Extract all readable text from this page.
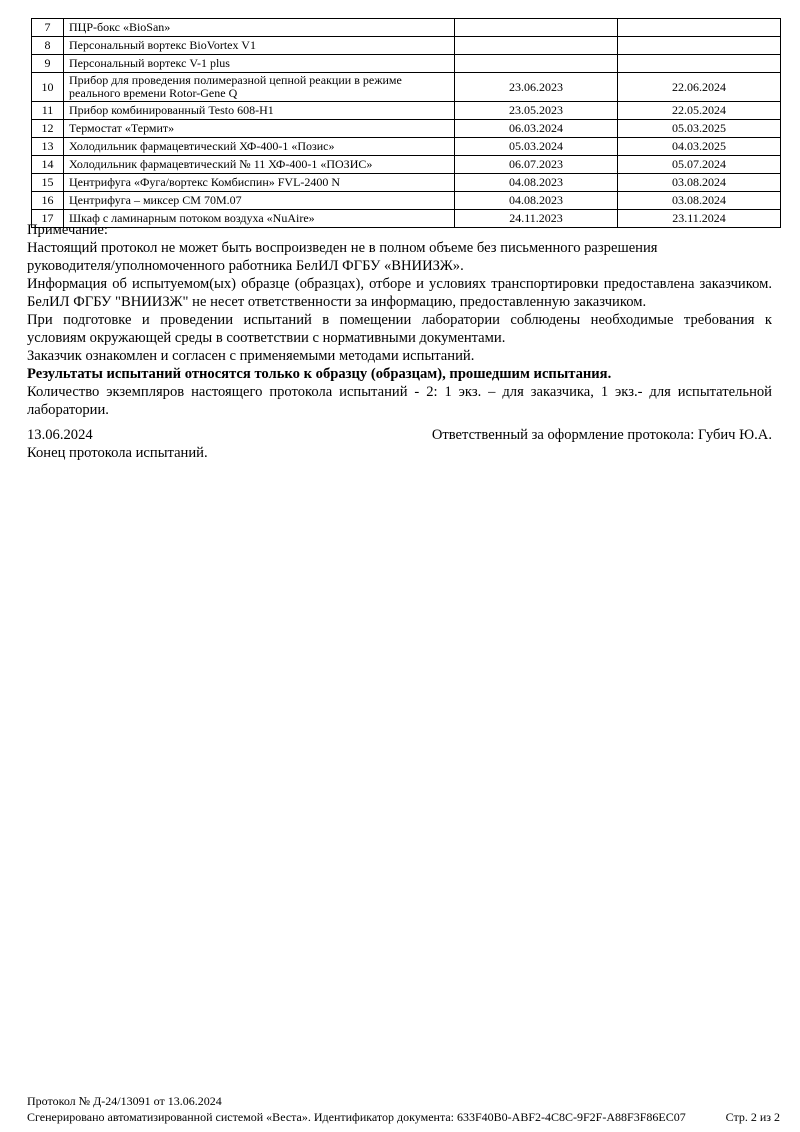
7	ПЦР-бокс «BioSan»		
8	Персональный вортекс BioVortex V1		
9	Персональный вортекс V-1 plus		
10	Прибор для проведения полимеразной цепной реакции в режиме реального времени Rotor-Gene Q	23.06.2023	22.06.2024
11	Прибор комбинированный Testo 608-H1	23.05.2023	22.05.2024
12	Термостат «Термит»	06.03.2024	05.03.2025
13	Холодильник фармацевтический ХФ-400-1 «Позис»	05.03.2024	04.03.2025
14	Холодильник фармацевтический № 11 ХФ-400-1 «ПОЗИС»	06.07.2023	05.07.2024
15	Центрифуга «Фуга/вортекс Комбиспин» FVL-2400 N	04.08.2023	03.08.2024
16	Центрифуга – миксер СМ 70М.07	04.08.2023	03.08.2024
17	Шкаф с ламинарным потоком воздуха «NuAire»	24.11.2023	23.11.2024
Примечание:
Настоящий протокол не может быть воспроизведен не в полном объеме без письменного разрешения
руководителя/уполномоченного работника БелИЛ ФГБУ «ВНИИЗЖ».
Информация об испытуемом(ых) образце (образцах), отборе и условиях транспортировки предоставлена заказчиком.
БелИЛ ФГБУ "ВНИИЗЖ" не несет ответственности за информацию, предоставленную заказчиком.
При подготовке и проведении испытаний в помещении лаборатории соблюдены необходимые требования к
условиям окружающей среды в соответствии с нормативными документами.
Заказчик ознакомлен и согласен с применяемыми методами испытаний.
Результаты испытаний относятся только к образцу (образцам), прошедшим испытания.
Количество экземпляров настоящего протокола испытаний - 2: 1 экз. – для заказчика, 1 экз.- для испытательной
лаборатории.
13.06.2024	Ответственный за оформление протокола: Губич Ю.А.
Конец протокола испытаний.
Протокол № Д-24/13091 от 13.06.2024
Сгенерировано автоматизированной системой «Веста». Идентификатор документа: 633F40B0-ABF2-4C8C-9F2F-A88F3F86EC07	Стр. 2 из 2
